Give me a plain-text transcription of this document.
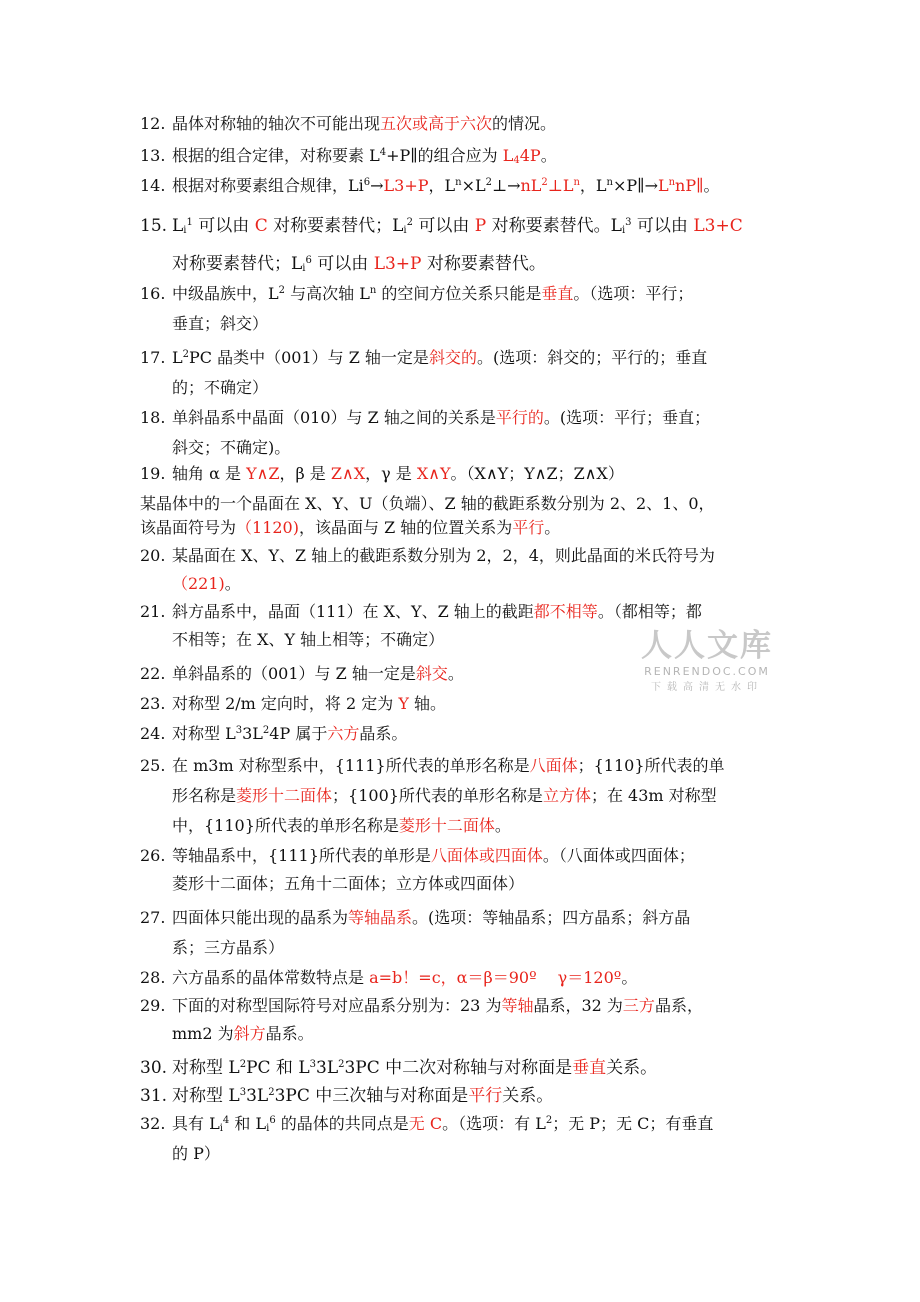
人人文库
RENRENDOC.COM
下载高清无水印
12. 晶体对称轴的轴次不可能出现五次或高于六次的情况。
13. 根据的组合定律，对称要素 $L^4+P\parallel$的组合应为 $L_44P$。
14. 根据对称要素组合规律，$Li^6\to L3+P$，$L^n\times L^2\perp\to nL^2\perp L^n$，$L^n\times P\parallel\to L^nnP\parallel$。
15. $L_i^1$ 可以由 C 对称要素替代；$L_i^2$ 可以由 P 对称要素替代。$L_i^3$ 可以由 L3+C
对称要素替代；$L_i^6$ 可以由 L3+P 对称要素替代。
16. 中级晶族中，$L^2$ 与高次轴 $L^n$ 的空间方位关系只能是垂直。（选项：平行；
垂直；斜交）
17. $L^2PC$ 晶类中（001）与 Z 轴一定是斜交的。(选项：斜交的；平行的；垂直
的；不确定）
18. 单斜晶系中晶面（010）与 Z 轴之间的关系是平行的。(选项：平行；垂直；
斜交；不确定)。
19. 轴角 α 是 Y∧Z，β 是 Z∧X，γ 是 X∧Y。（X∧Y；Y∧Z；Z∧X）
某晶体中的一个晶面在 X、Y、U（负端）、Z 轴的截距系数分别为 2、2、1、0，
该晶面符号为（1120)，该晶面与 Z 轴的位置关系为平行。
20. 某晶面在 X、Y、Z 轴上的截距系数分别为 2，2，4，则此晶面的米氏符号为
（221)。
21. 斜方晶系中，晶面（111）在 X、Y、Z 轴上的截距都不相等。（都相等；都
不相等；在 X、Y 轴上相等；不确定）
22. 单斜晶系的（001）与 Z 轴一定是斜交。
23. 对称型 2/m 定向时，将 2 定为 Y 轴。
24. 对称型 $L^33L^24P$ 属于六方晶系。
25. 在 m3m 对称型系中，{111}所代表的单形名称是八面体；{110}所代表的单
形名称是菱形十二面体；{100}所代表的单形名称是立方体；在 43m 对称型
中，{110}所代表的单形名称是菱形十二面体。
26. 等轴晶系中，{111}所代表的单形是八面体或四面体。（八面体或四面体；
菱形十二面体；五角十二面体；立方体或四面体）
27. 四面体只能出现的晶系为等轴晶系。(选项：等轴晶系；四方晶系；斜方晶
系；三方晶系）
28. 六方晶系的晶体常数特点是 a=b！=c，α＝β＝90º　 γ＝120º。
29. 下面的对称型国际符号对应晶系分别为：23 为等轴晶系，32 为三方晶系，
mm2 为斜方晶系。
30. 对称型 $L^2PC$ 和 $L^33L^23PC$ 中二次对称轴与对称面是垂直关系。
31. 对称型 $L^33L^23PC$ 中三次轴与对称面是平行关系。
32. 具有 $L_i^4$ 和 $L_i^6$ 的晶体的共同点是无 C。（选项：有 $L^2$；无 P；无 C；有垂直
的 P）
